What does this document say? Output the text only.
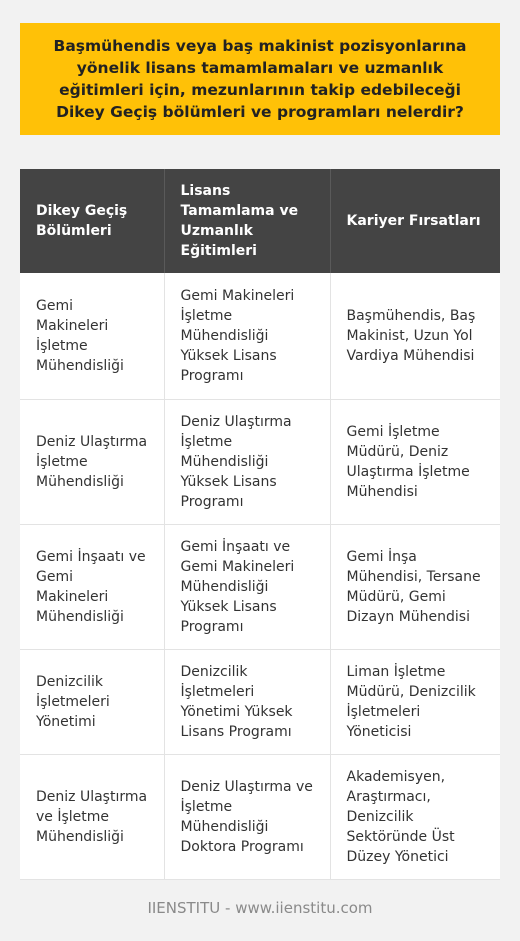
Başmühendis veya baş makinist pozisyonlarına yönelik lisans tamamlamaları ve uzmanlık eğitimleri için, mezunlarının takip edebileceği Dikey Geçiş bölümleri ve programları nelerdir?
Dikey Geçiş Bölümleri	Lisans Tamamlama ve Uzmanlık Eğitimleri	Kariyer Fırsatları
Gemi Makineleri İşletme Mühendisliği	Gemi Makineleri İşletme Mühendisliği Yüksek Lisans Programı	Başmühendis, Baş Makinist, Uzun Yol Vardiya Mühendisi
Deniz Ulaştırma İşletme Mühendisliği	Deniz Ulaştırma İşletme Mühendisliği Yüksek Lisans Programı	Gemi İşletme Müdürü, Deniz Ulaştırma İşletme Mühendisi
Gemi İnşaatı ve Gemi Makineleri Mühendisliği	Gemi İnşaatı ve Gemi Makineleri Mühendisliği Yüksek Lisans Programı	Gemi İnşa Mühendisi, Tersane Müdürü, Gemi Dizayn Mühendisi
Denizcilik İşletmeleri Yönetimi	Denizcilik İşletmeleri Yönetimi Yüksek Lisans Programı	Liman İşletme Müdürü, Denizcilik İşletmeleri Yöneticisi
Deniz Ulaştırma ve İşletme Mühendisliği	Deniz Ulaştırma ve İşletme Mühendisliği Doktora Programı	Akademisyen, Araştırmacı, Denizcilik Sektöründe Üst Düzey Yönetici
IIENSTITU - www.iienstitu.com
